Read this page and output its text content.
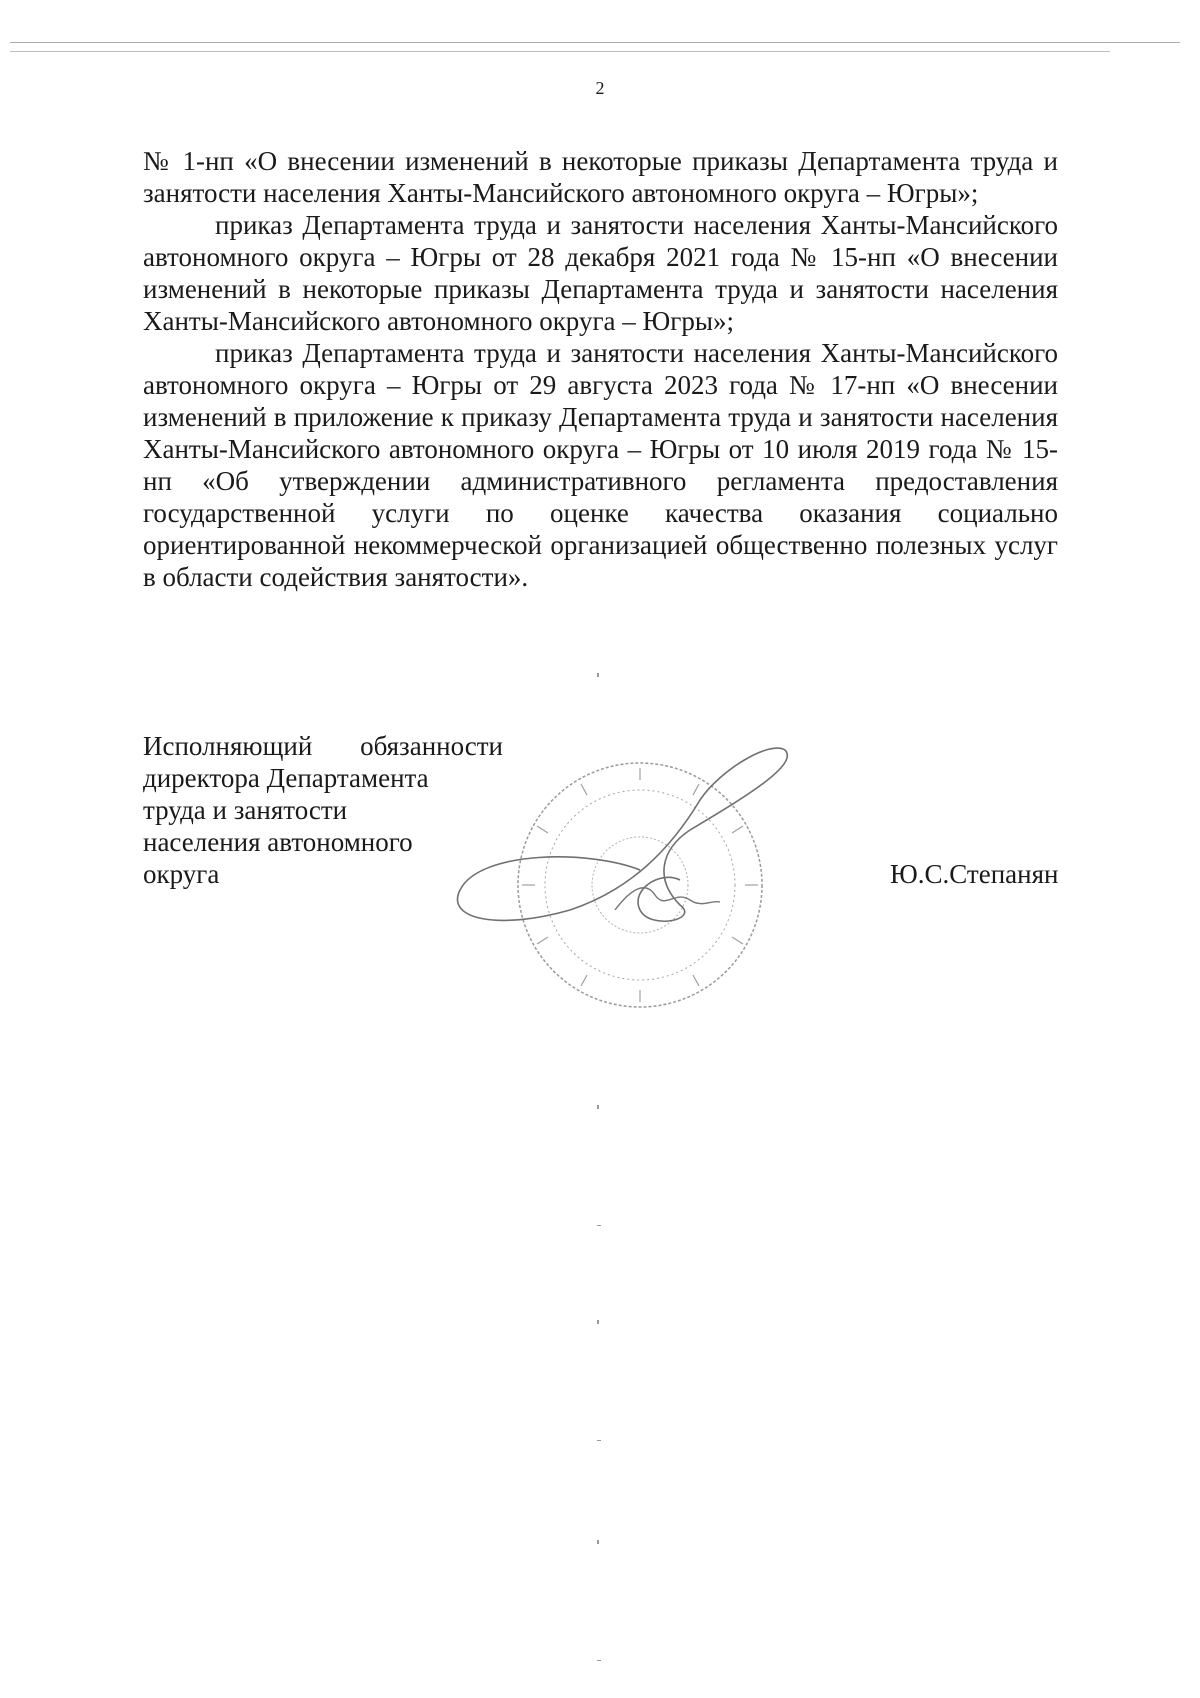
2

№ 1-нп «О внесении изменений в некоторые приказы Департамента труда и занятости населения Ханты-Мансийского автономного округа – Югры»;

приказ Департамента труда и занятости населения Ханты-Мансийского автономного округа – Югры от 28 декабря 2021 года № 15-нп «О внесении изменений в некоторые приказы Департамента труда и занятости населения Ханты-Мансийского автономного округа – Югры»;

приказ Департамента труда и занятости населения Ханты-Мансийского автономного округа – Югры от 29 августа 2023 года № 17-нп «О внесении изменений в приложение к приказу Департамента труда и занятости населения Ханты-Мансийского автономного округа – Югры от 10 июля 2019 года № 15-нп «Об утверждении административного регламента предоставления государственной услуги по оценке качества оказания социально ориентированной некоммерческой организацией общественно полезных услуг в области содействия занятости».

Исполняющий обязанности
директора Департамента
труда и занятости
населения автономного
округа	Ю.С.Степанян
